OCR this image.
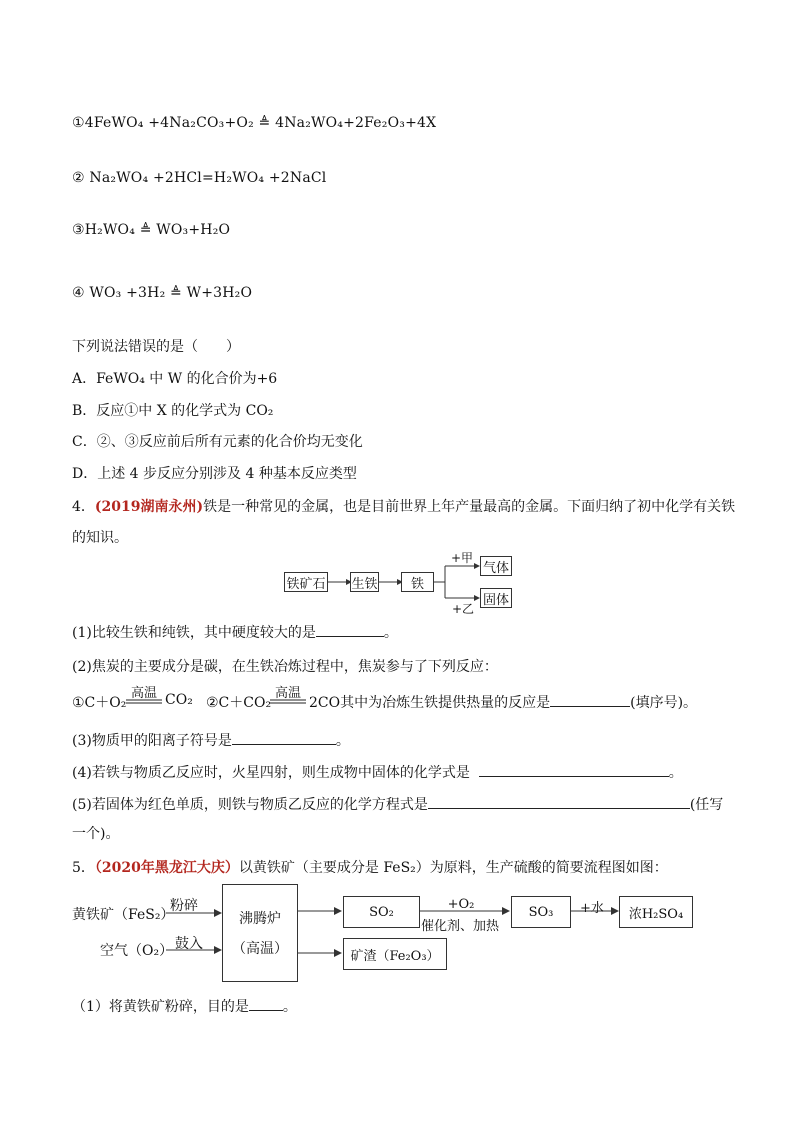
①4FeWO₄ +4Na₂CO₃+O₂ ≜ 4Na₂WO₄+2Fe₂O₃+4X
② Na₂WO₄ +2HCl=H₂WO₄ +2NaCl
③H₂WO₄ ≜ WO₃+H₂O
④ WO₃ +3H₂ ≜ W+3H₂O
下列说法错误的是（　　）
A．FeWO₄ 中 W 的化合价为+6
B．反应①中 X 的化学式为 CO₂
C．②、③反应前后所有元素的化合价均无变化
D．上述 4 步反应分别涉及 4 种基本反应类型
4．(2019湖南永州)铁是一种常见的金属，也是目前世界上年产量最高的金属。下面归纳了初中化学有关铁
的知识。
铁矿石 生铁	铁
气体
固体
+甲
+乙
(1)比较生铁和纯铁，其中硬度较大的是	。
(2)焦炭的主要成分是碳，在生铁冶炼过程中，焦炭参与了下列反应：
①C＋O₂
高温 CO₂ ②C＋CO₂
高温
2CO其中为冶炼生铁提供热量的反应是	(填序号)。
(3)物质甲的阳离子符号是	。
(4)若铁与物质乙反应时，火星四射，则生成物中固体的化学式是	。
(5)若固体为红色单质，则铁与物质乙反应的化学方程式是	(任写
一个)。
5．（2020年黑龙江大庆）以黄铁矿（主要成分是 FeS₂）为原料，生产硫酸的简要流程图如图：
黄铁矿（FeS₂）
粉碎
空气（O₂） 鼓入
沸腾炉
（高温）
SO₂	+O₂
催化剂、加热
SO₃	+水	浓H₂SO₄
矿渣（Fe₂O₃）
（1）将黄铁矿粉碎，目的是 。
